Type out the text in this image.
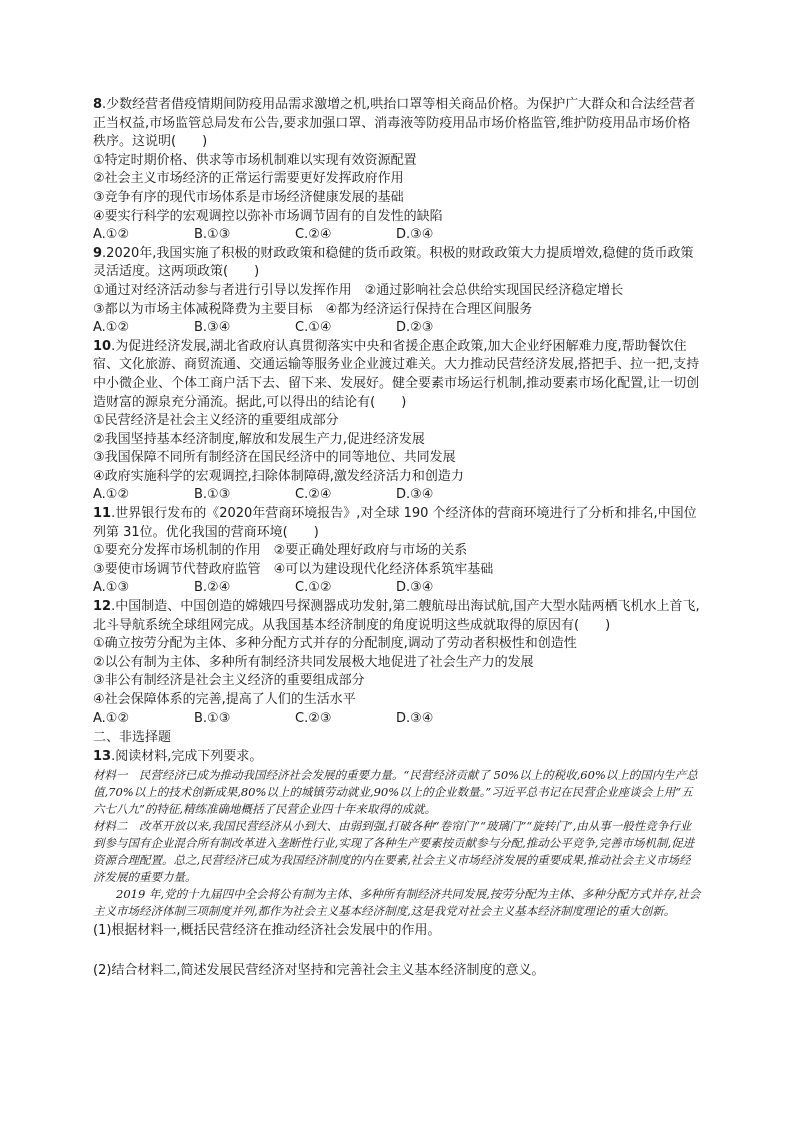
8.少数经营者借疫情期间防疫用品需求激增之机,哄抬口罩等相关商品价格。为保护广大群众和合法经营者正当权益,市场监管总局发布公告,要求加强口罩、消毒液等防疫用品市场价格监管,维护防疫用品市场价格秩序。这说明(　　)

①特定时期价格、供求等市场机制难以实现有效资源配置

②社会主义市场经济的正常运行需要更好发挥政府作用

③竞争有序的现代市场体系是市场经济健康发展的基础

④要实行科学的宏观调控以弥补市场调节固有的自发性的缺陷

A.①②	B.①③	C.②④	D.③④

9.2020年,我国实施了积极的财政政策和稳健的货币政策。积极的财政政策大力提质增效,稳健的货币政策灵活适度。这两项政策(　　)

①通过对经济活动参与者进行引导以发挥作用　②通过影响社会总供给实现国民经济稳定增长

③都以为市场主体减税降费为主要目标　④都为经济运行保持在合理区间服务

A.①②	B.③④	C.①④	D.②③

10.为促进经济发展,湖北省政府认真贯彻落实中央和省援企惠企政策,加大企业纾困解难力度,帮助餐饮住宿、文化旅游、商贸流通、交通运输等服务业企业渡过难关。大力推动民营经济发展,搭把手、拉一把,支持中小微企业、个体工商户活下去、留下来、发展好。健全要素市场运行机制,推动要素市场化配置,让一切创造财富的源泉充分涌流。据此,可以得出的结论有(　　)

①民营经济是社会主义经济的重要组成部分

②我国坚持基本经济制度,解放和发展生产力,促进经济发展

③我国保障不同所有制经济在国民经济中的同等地位、共同发展

④政府实施科学的宏观调控,扫除体制障碍,激发经济活力和创造力

A.①②	B.①③	C.②④	D.③④

11.世界银行发布的《2020年营商环境报告》,对全球 190 个经济体的营商环境进行了分析和排名,中国位列第 31位。优化我国的营商环境(　　)

①要充分发挥市场机制的作用　②要正确处理好政府与市场的关系

③要使市场调节代替政府监管　④可以为建设现代化经济体系筑牢基础

A.①③	B.②④	C.①②	D.③④

12.中国制造、中国创造的嫦娥四号探测器成功发射,第二艘航母出海试航,国产大型水陆两栖飞机水上首飞,北斗导航系统全球组网完成。从我国基本经济制度的角度说明这些成就取得的原因有(　　)

①确立按劳分配为主体、多种分配方式并存的分配制度,调动了劳动者积极性和创造性

②以公有制为主体、多种所有制经济共同发展极大地促进了社会生产力的发展

③非公有制经济是社会主义经济的重要组成部分

④社会保障体系的完善,提高了人们的生活水平

A.①②	B.①③	C.②③	D.③④

二、非选择题

13.阅读材料,完成下列要求。

材料一　民营经济已成为推动我国经济社会发展的重要力量。“民营经济贡献了 50%以上的税收,60%以上的国内生产总值,70%以上的技术创新成果,80%以上的城镇劳动就业,90%以上的企业数量。”习近平总书记在民营企业座谈会上用“五六七八九”的特征,精练准确地概括了民营企业四十年来取得的成就。

材料二　改革开放以来,我国民营经济从小到大、由弱到强,打破各种“卷帘门”“玻璃门”“旋转门”,由从事一般性竞争行业到参与国有企业混合所有制改革进入垄断性行业,实现了各种生产要素按贡献参与分配,推动公平竞争,完善市场机制,促进资源合理配置。总之,民营经济已成为我国经济制度的内在要素,社会主义市场经济发展的重要成果,推动社会主义市场经济发展的重要力量。

　　2019 年,党的十九届四中全会将公有制为主体、多种所有制经济共同发展,按劳分配为主体、多种分配方式并存,社会主义市场经济体制三项制度并列,都作为社会主义基本经济制度,这是我党对社会主义基本经济制度理论的重大创新。

(1)根据材料一,概括民营经济在推动经济社会发展中的作用。

(2)结合材料二,简述发展民营经济对坚持和完善社会主义基本经济制度的意义。
